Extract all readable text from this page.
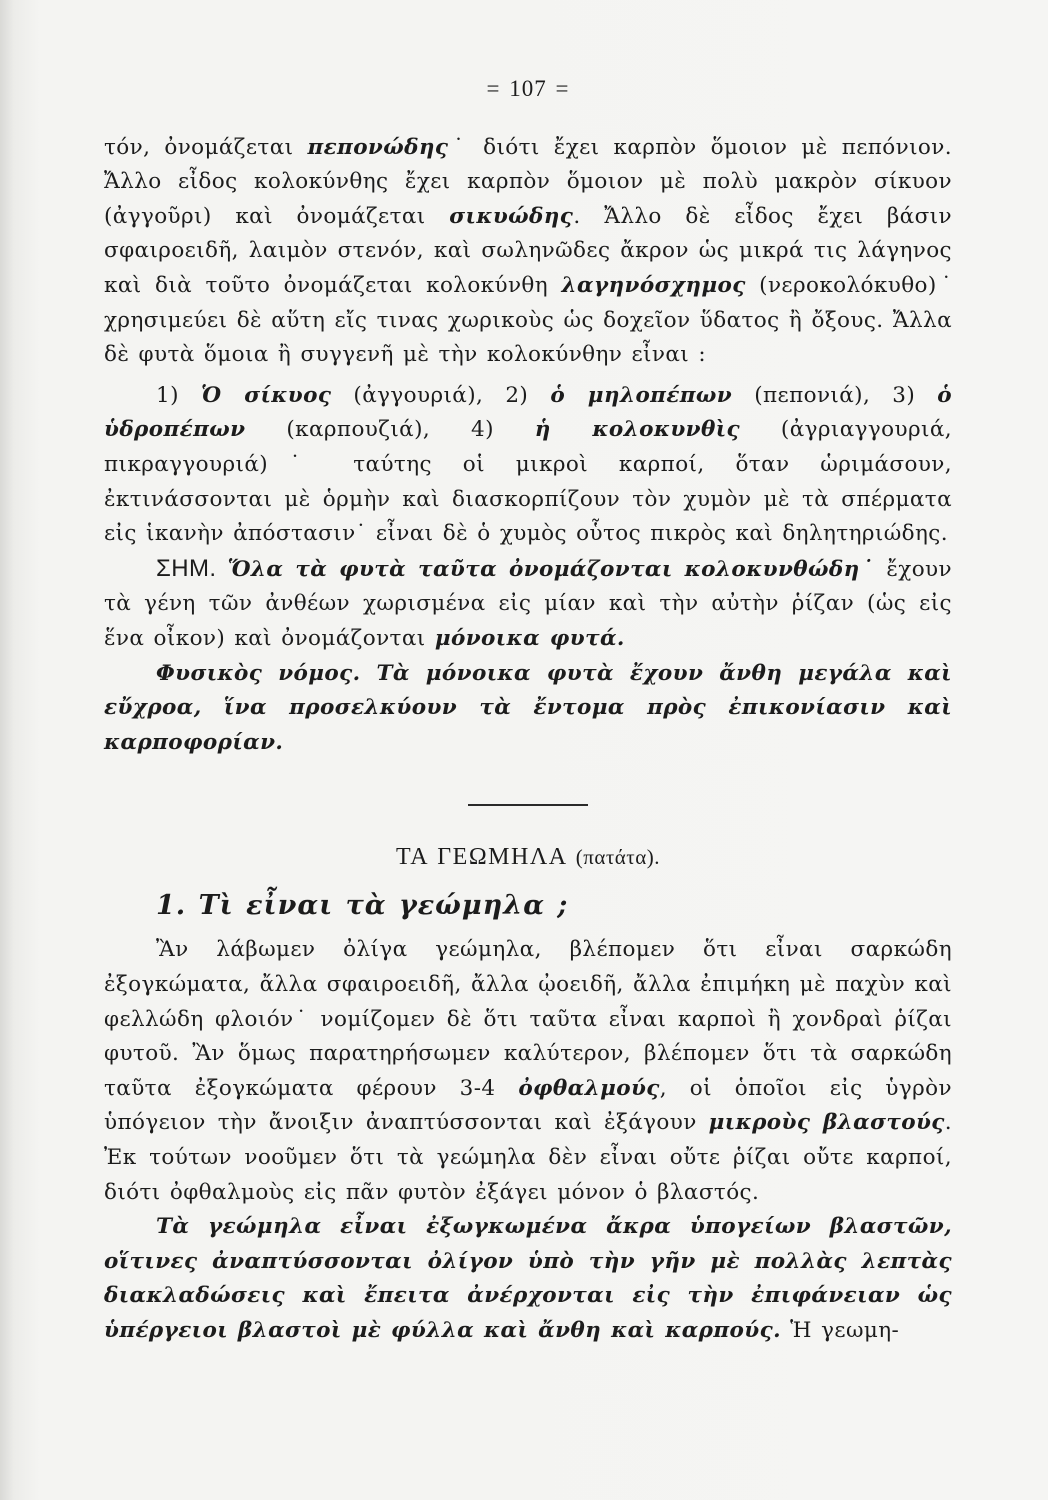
= 107 =

τόν, ὀνομάζεται πεπονώδης˙ διότι ἔχει καρπὸν ὅμοιον μὲ πεπόνιον. Ἄλλο εἶδος κολοκύνθης ἔχει καρπὸν ὅμοιον μὲ πολὺ μακρὸν σίκυον (ἀγγοῦρι) καὶ ὀνομάζεται σικυώδης. Ἄλλο δὲ εἶδος ἔχει βάσιν σφαιροειδῆ, λαιμὸν στενόν, καὶ σωληνῶδες ἄκρον ὡς μικρά τις λάγηνος καὶ διὰ τοῦτο ὀνομάζεται κολοκύνθη λαγηνόσχημος (νεροκολόκυθο)˙ χρησιμεύει δὲ αὕτη εἴς τινας χωρικοὺς ὡς δοχεῖον ὕδατος ἢ ὄξους. Ἄλλα δὲ φυτὰ ὅμοια ἢ συγγενῆ μὲ τὴν κολοκύνθην εἶναι :

1) Ὁ σίκυος (ἀγγουριά), 2) ὁ μηλοπέπων (πεπονιά), 3) ὁ ὑδροπέπων (καρπουζιά), 4) ἡ κολοκυνθὶς (ἀγριαγγουριά, πικραγγουριά)˙ ταύτης οἱ μικροὶ καρποί, ὅταν ὡριμάσουν, ἐκτινάσσονται μὲ ὁρμὴν καὶ διασκορπίζουν τὸν χυμὸν μὲ τὰ σπέρματα εἰς ἱκανὴν ἀπόστασιν˙ εἶναι δὲ ὁ χυμὸς οὗτος πικρὸς καὶ δηλητηριώδης.

ΣΗΜ. Ὅλα τὰ φυτὰ ταῦτα ὀνομάζονται κολοκυνθώδη˙ ἔχουν τὰ γένη τῶν ἀνθέων χωρισμένα εἰς μίαν καὶ τὴν αὐτὴν ῥίζαν (ὡς εἰς ἕνα οἶκον) καὶ ὀνομάζονται μόνοικα φυτά.

Φυσικὸς νόμος. Τὰ μόνοικα φυτὰ ἔχουν ἄνθη μεγάλα καὶ εὔχροα, ἵνα προσελκύουν τὰ ἔντομα πρὸς ἐπικονίασιν καὶ καρποφορίαν.

ΤΑ ΓΕΩΜΗΛΑ (πατάτα).
1. Τὶ εἶναι τὰ γεώμηλα ;

Ἂν λάβωμεν ὀλίγα γεώμηλα, βλέπομεν ὅτι εἶναι σαρκώδη ἐξογκώματα, ἄλλα σφαιροειδῆ, ἄλλα ᾠοειδῆ, ἄλλα ἐπιμήκη μὲ παχὺν καὶ φελλώδη φλοιόν˙ νομίζομεν δὲ ὅτι ταῦτα εἶναι καρποὶ ἢ χονδραὶ ῥίζαι φυτοῦ. Ἂν ὅμως παρατηρήσωμεν καλύτερον, βλέπομεν ὅτι τὰ σαρκώδη ταῦτα ἐξογκώματα φέρουν 3-4 ὀφθαλμούς, οἱ ὁποῖοι εἰς ὑγρὸν ὑπόγειον τὴν ἄνοιξιν ἀναπτύσσονται καὶ ἐξάγουν μικροὺς βλαστούς. Ἐκ τούτων νοοῦμεν ὅτι τὰ γεώμηλα δὲν εἶναι οὔτε ῥίζαι οὔτε καρποί, διότι ὀφθαλμοὺς εἰς πᾶν φυτὸν ἐξάγει μόνον ὁ βλαστός.

Τὰ γεώμηλα εἶναι ἐξωγκωμένα ἄκρα ὑπογείων βλαστῶν, οἵτινες ἀναπτύσσονται ὀλίγον ὑπὸ τὴν γῆν μὲ πολλὰς λεπτὰς διακλαδώσεις καὶ ἔπειτα ἀνέρχονται εἰς τὴν ἐπιφάνειαν ὡς ὑπέργειοι βλαστοὶ μὲ φύλλα καὶ ἄνθη καὶ καρπούς. Ἡ γεωμη-
